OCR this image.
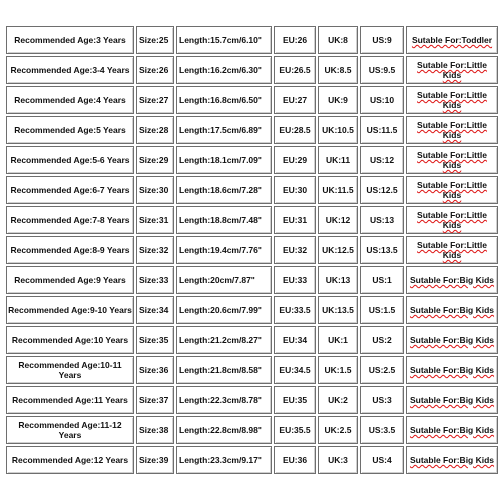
Recommended Age:3 Years	Size:25	Length:15.7cm/6.10"	EU:26	UK:8	US:9	Sutable For:Toddler
Recommended Age:3-4 Years	Size:26	Length:16.2cm/6.30"	EU:26.5	UK:8.5	US:9.5	Sutable For:Little Kids
Recommended Age:4 Years	Size:27	Length:16.8cm/6.50"	EU:27	UK:9	US:10	Sutable For:Little Kids
Recommended Age:5 Years	Size:28	Length:17.5cm/6.89"	EU:28.5	UK:10.5	US:11.5	Sutable For:Little Kids
Recommended Age:5-6 Years	Size:29	Length:18.1cm/7.09"	EU:29	UK:11	US:12	Sutable For:Little Kids
Recommended Age:6-7 Years	Size:30	Length:18.6cm/7.28"	EU:30	UK:11.5	US:12.5	Sutable For:Little Kids
Recommended Age:7-8 Years	Size:31	Length:18.8cm/7.48"	EU:31	UK:12	US:13	Sutable For:Little Kids
Recommended Age:8-9 Years	Size:32	Length:19.4cm/7.76"	EU:32	UK:12.5	US:13.5	Sutable For:Little Kids
Recommended Age:9 Years	Size:33	Length:20cm/7.87"	EU:33	UK:13	US:1	Sutable For:Big Kids
Recommended Age:9-10 Years	Size:34	Length:20.6cm/7.99"	EU:33.5	UK:13.5	US:1.5	Sutable For:Big Kids
Recommended Age:10 Years	Size:35	Length:21.2cm/8.27"	EU:34	UK:1	US:2	Sutable For:Big Kids
Recommended Age:10-11 Years	Size:36	Length:21.8cm/8.58"	EU:34.5	UK:1.5	US:2.5	Sutable For:Big Kids
Recommended Age:11 Years	Size:37	Length:22.3cm/8.78"	EU:35	UK:2	US:3	Sutable For:Big Kids
Recommended Age:11-12 Years	Size:38	Length:22.8cm/8.98"	EU:35.5	UK:2.5	US:3.5	Sutable For:Big Kids
Recommended Age:12 Years	Size:39	Length:23.3cm/9.17"	EU:36	UK:3	US:4	Sutable For:Big Kids
